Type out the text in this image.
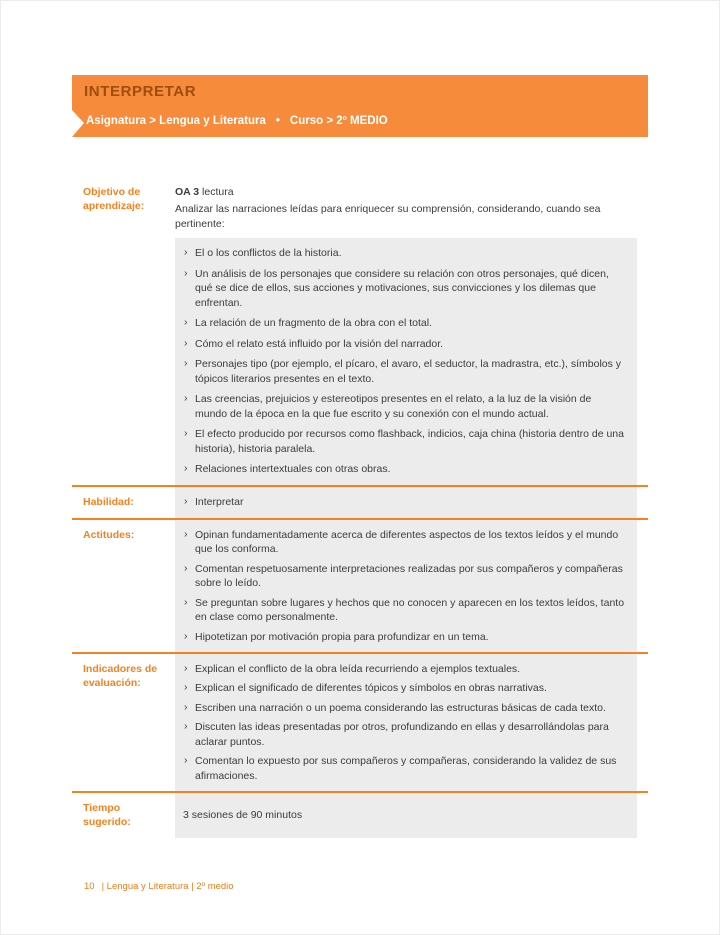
INTERPRETAR
Asignatura > Lengua y Literatura • Curso > 2º MEDIO
Objetivo de aprendizaje:

OA 3 lectura

Analizar las narraciones leídas para enriquecer su comprensión, considerando, cuando sea pertinente:

› El o los conflictos de la historia.
› Un análisis de los personajes que considere su relación con otros personajes, qué dicen, qué se dice de ellos, sus acciones y motivaciones, sus convicciones y los dilemas que enfrentan.
› La relación de un fragmento de la obra con el total.
› Cómo el relato está influido por la visión del narrador.
› Personajes tipo (por ejemplo, el pícaro, el avaro, el seductor, la madrastra, etc.), símbolos y tópicos literarios presentes en el texto.
› Las creencias, prejuicios y estereotipos presentes en el relato, a la luz de la visión de mundo de la época en la que fue escrito y su conexión con el mundo actual.
› El efecto producido por recursos como flashback, indicios, caja china (historia dentro de una historia), historia paralela.
› Relaciones intertextuales con otras obras.
Habilidad:	› Interpretar
Actitudes:	› Opinan fundamentadamente acerca de diferentes aspectos de los textos leídos y el mundo que los conforma.
› Comentan respetuosamente interpretaciones realizadas por sus compañeros y compañeras sobre lo leído.
› Se preguntan sobre lugares y hechos que no conocen y aparecen en los textos leídos, tanto en clase como personalmente.
› Hipotetizan por motivación propia para profundizar en un tema.
Indicadores de evaluación:
› Explican el conflicto de la obra leída recurriendo a ejemplos textuales.
› Explican el significado de diferentes tópicos y símbolos en obras narrativas.
› Escriben una narración o un poema considerando las estructuras básicas de cada texto.
› Discuten las ideas presentadas por otros, profundizando en ellas y desarrollándolas para aclarar puntos.
› Comentan lo expuesto por sus compañeros y compañeras, considerando la validez de sus afirmaciones.
Tiempo sugerido:

3 sesiones de 90 minutos

10 | Lengua y Literatura | 2º medio
